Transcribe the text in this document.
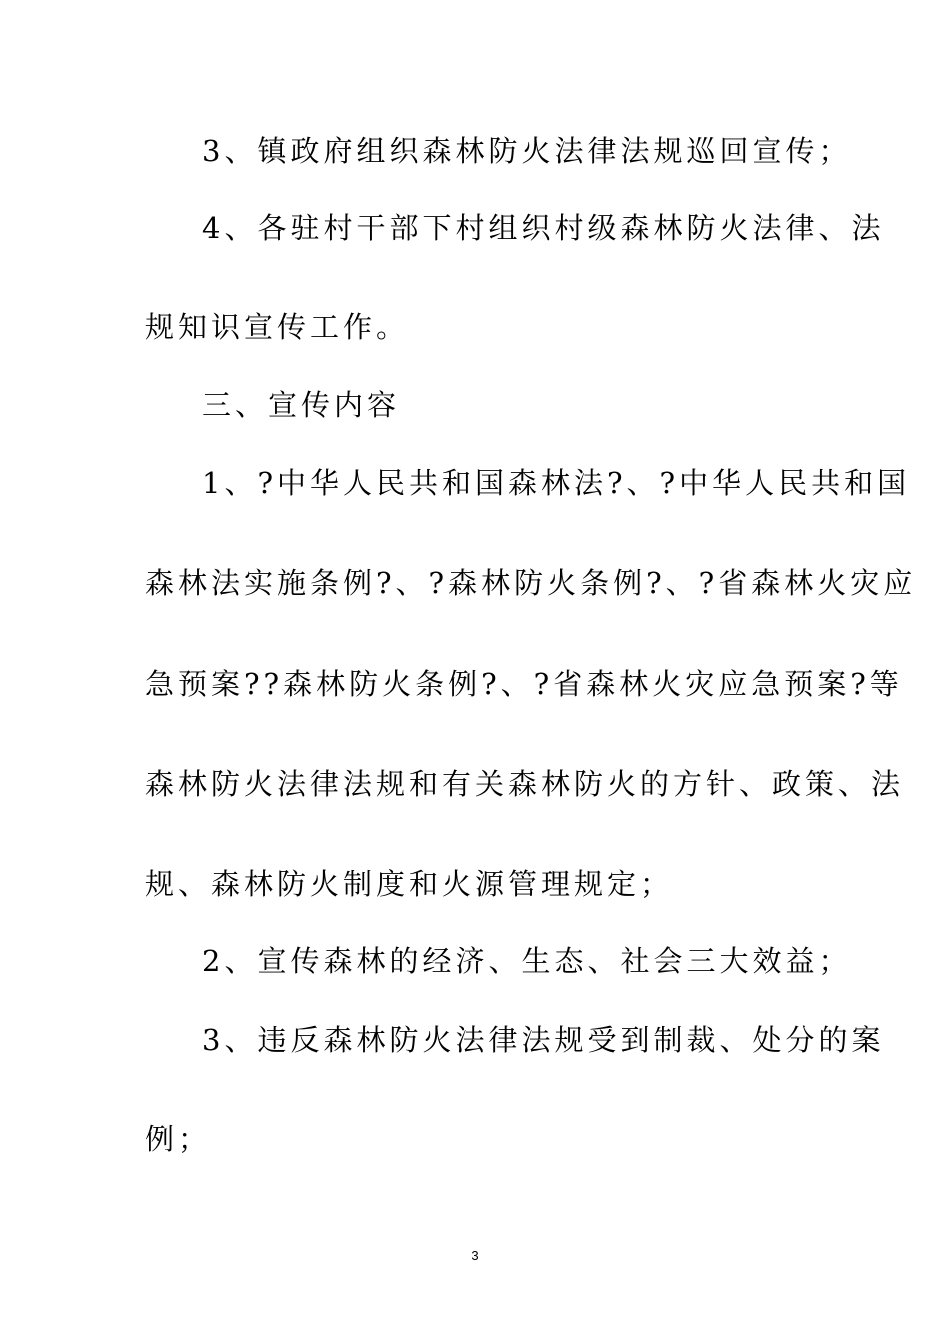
3、镇政府组织森林防火法律法规巡回宣传；
4、各驻村干部下村组织村级森林防火法律、法
规知识宣传工作。
三、宣传内容
1、?中华人民共和国森林法?、?中华人民共和国
森林法实施条例?、?森林防火条例?、?省森林火灾应
急预案??森林防火条例?、?省森林火灾应急预案?等
森林防火法律法规和有关森林防火的方针、政策、法
规、森林防火制度和火源管理规定；
2、宣传森林的经济、生态、社会三大效益；
3、违反森林防火法律法规受到制裁、处分的案
例；
3
